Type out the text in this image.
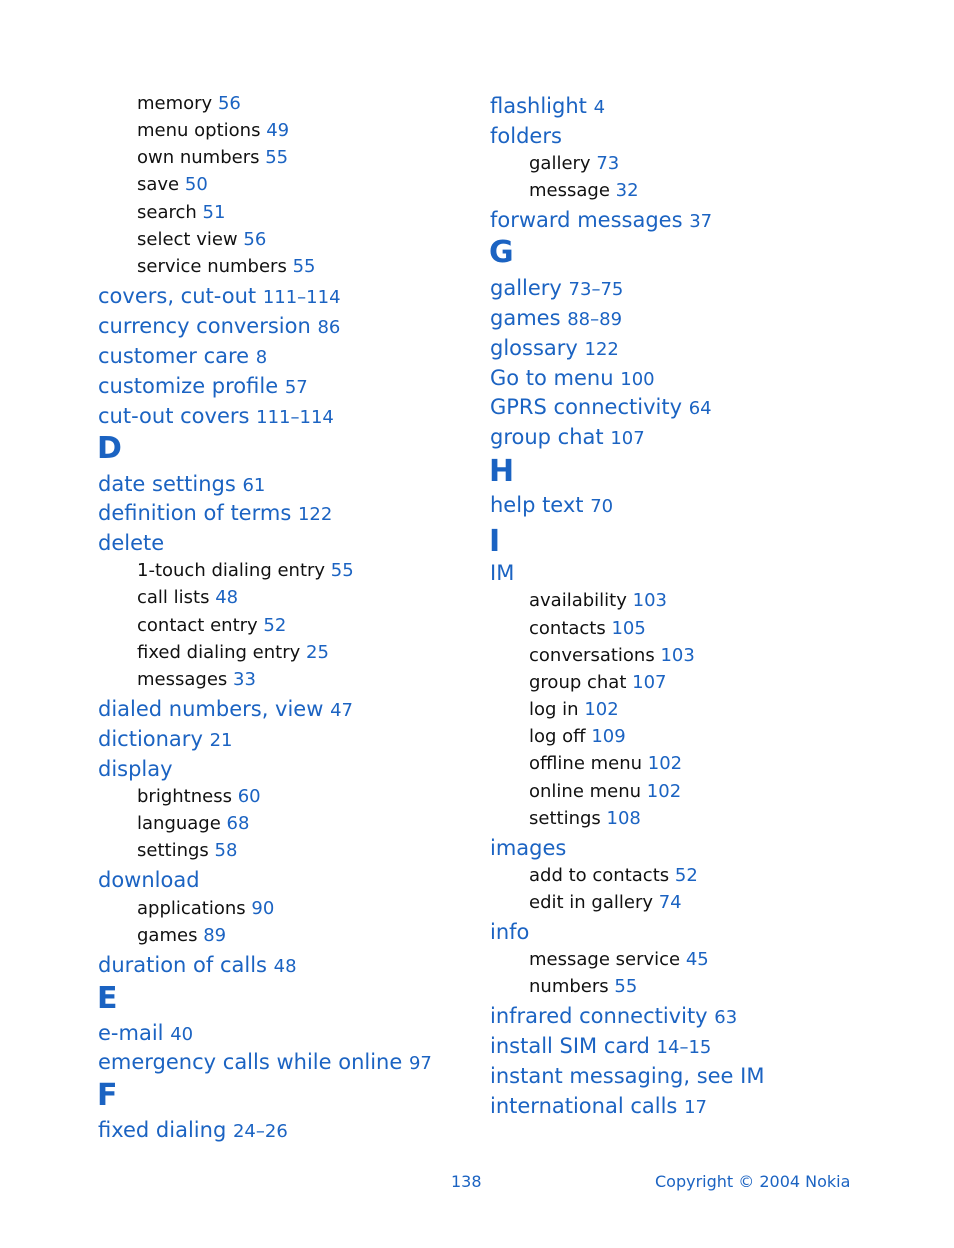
memory 56
menu options 49
own numbers 55
save 50
search 51
select view 56
service numbers 55
covers, cut-out 111–114
currency conversion 86
customer care 8
customize profile 57
cut-out covers 111–114
D
date settings 61
definition of terms 122
delete
1-touch dialing entry 55
call lists 48
contact entry 52
fixed dialing entry 25
messages 33
dialed numbers, view 47
dictionary 21
display
brightness 60
language 68
settings 58
download
applications 90
games 89
duration of calls 48
E
e-mail 40
emergency calls while online 97
F
fixed dialing 24–26
flashlight 4
folders
gallery 73
message 32
forward messages 37
G
gallery 73–75
games 88–89
glossary 122
Go to menu 100
GPRS connectivity 64
group chat 107
H
help text 70
I
IM
availability 103
contacts 105
conversations 103
group chat 107
log in 102
log off 109
offline menu 102
online menu 102
settings 108
images
add to contacts 52
edit in gallery 74
info
message service 45
numbers 55
infrared connectivity 63
install SIM card 14–15
instant messaging, see IM
international calls 17
138	Copyright © 2004 Nokia
